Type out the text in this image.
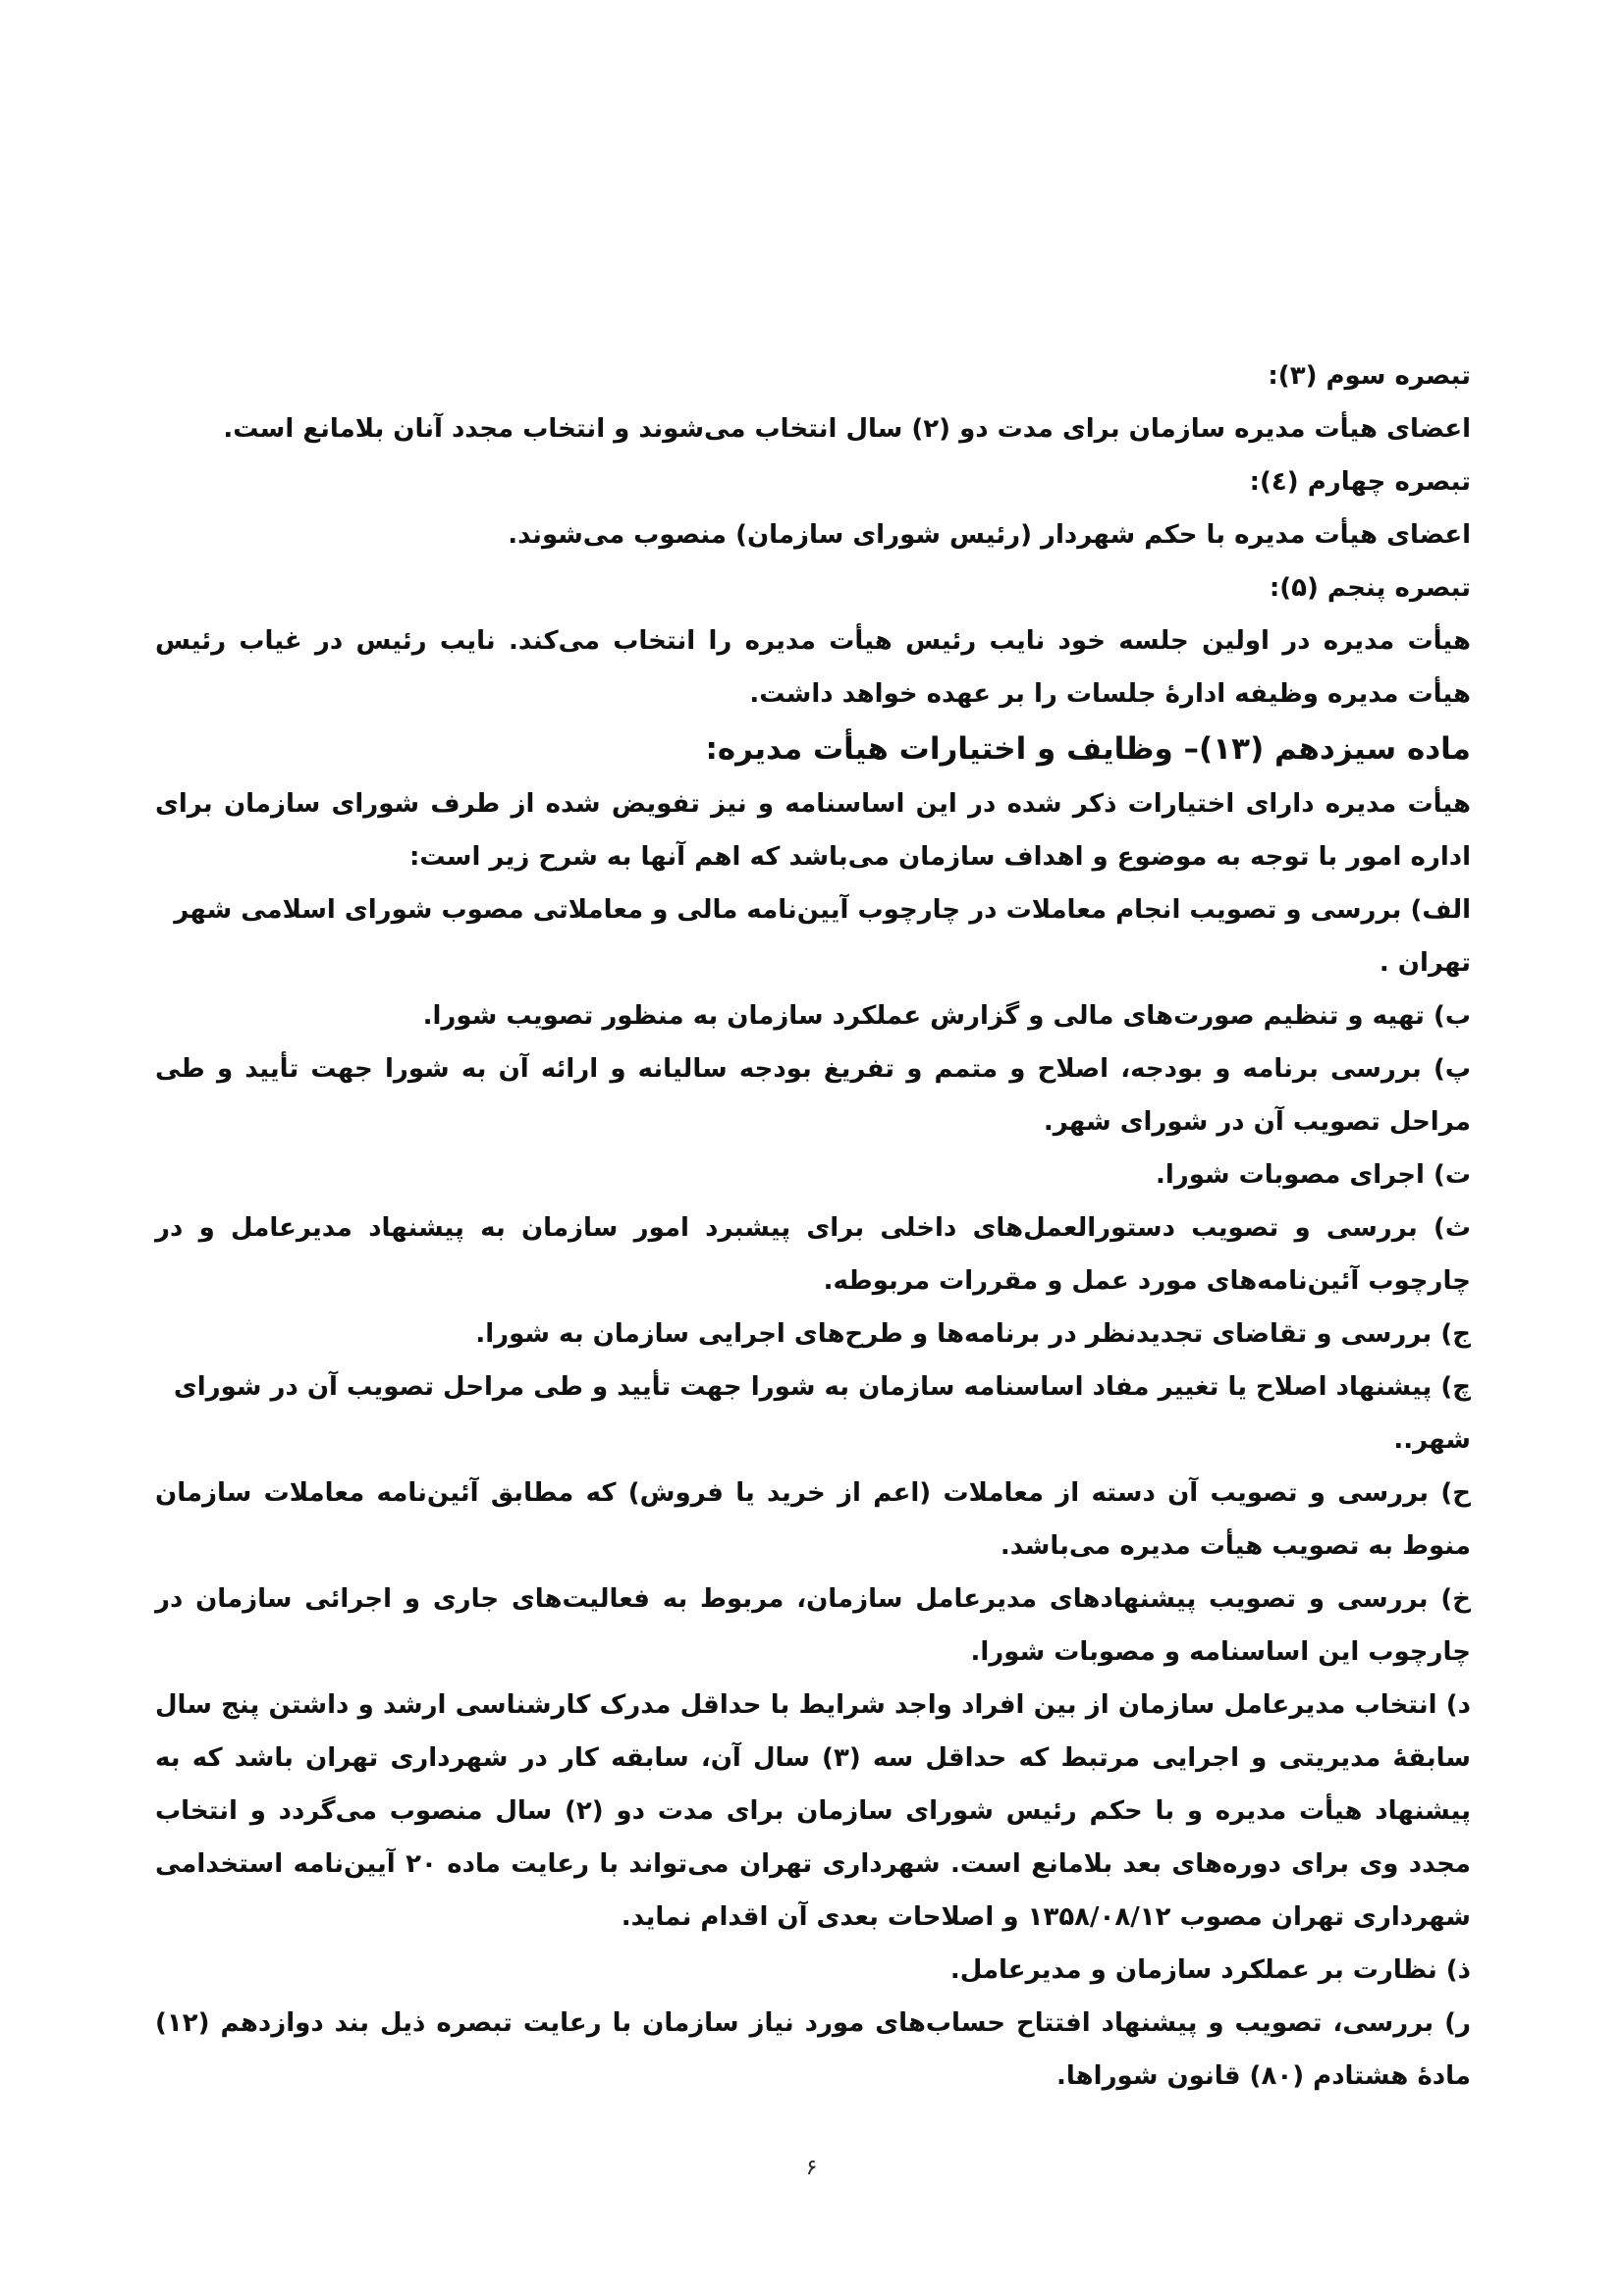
تبصره سوم (۳):

اعضای هیأت مدیره سازمان برای مدت دو (۲) سال انتخاب می‌شوند و انتخاب مجدد آنان بلامانع است.

تبصره چهارم (٤):

اعضای هیأت مدیره با حکم شهردار (رئیس شورای سازمان) منصوب می‌شوند.

تبصره پنجم (۵):

هیأت مدیره در اولین جلسه خود نایب رئیس هیأت مدیره را انتخاب می‌کند. نایب رئیس در غیاب رئیس هیأت مدیره وظیفه ادارهٔ جلسات را بر عهده خواهد داشت.

ماده سیزدهم (۱۳)– وظایف و اختیارات هیأت مدیره:

هیأت مدیره دارای اختیارات ذکر شده در این اساسنامه و نیز تفویض شده از طرف شورای سازمان برای اداره امور با توجه به موضوع و اهداف سازمان می‌باشد که اهم آنها به شرح زیر است:

الف) بررسی و تصویب انجام معاملات در چارچوب آیین‌نامه مالی و معاملاتی مصوب شورای اسلامی شهر تهران .

ب) تهیه و تنظیم صورت‌های مالی و گزارش عملکرد سازمان به منظور تصویب شورا.

پ) بررسی برنامه و بودجه، اصلاح و متمم و تفریغ بودجه سالیانه و ارائه آن به شورا جهت تأیید و طی مراحل تصویب آن در شورای شهر.

ت) اجرای مصوبات شورا.

ث) بررسی و تصویب دستورالعمل‌های داخلی برای پیشبرد امور سازمان به پیشنهاد مدیرعامل و در چارچوب آئین‌نامه‌های مورد عمل و مقررات مربوطه.

ج) بررسی و تقاضای تجدیدنظر در برنامه‌ها و طرح‌های اجرایی سازمان به شورا.

چ) پیشنهاد اصلاح یا تغییر مفاد اساسنامه سازمان به شورا جهت تأیید و طی مراحل تصویب آن در شورای شهر..

ح) بررسی و تصویب آن دسته از معاملات (اعم از خرید یا فروش) که مطابق آئین‌نامه معاملات سازمان منوط به تصویب هیأت مدیره می‌باشد.

خ) بررسی و تصویب پیشنهادهای مدیرعامل سازمان، مربوط به فعالیت‌های جاری و اجرائی سازمان در چارچوب این اساسنامه و مصوبات شورا.

د) انتخاب مدیرعامل سازمان از بین افراد واجد شرایط با حداقل مدرک کارشناسی ارشد و داشتن پنج سال سابقهٔ مدیریتی و اجرایی مرتبط که حداقل سه (۳) سال آن، سابقه کار در شهرداری تهران باشد که به پیشنهاد هیأت مدیره و با حکم رئیس شورای سازمان برای مدت دو (۲) سال منصوب می‌گردد و انتخاب مجدد وی برای دوره‌های بعد بلامانع است. شهرداری تهران می‌تواند با رعایت ماده ۲۰ آیین‌نامه استخدامی شهرداری تهران مصوب ۱۳۵۸/۰۸/۱۲ و اصلاحات بعدی آن اقدام نماید.

ذ) نظارت بر عملکرد سازمان و مدیرعامل.

ر) بررسی، تصویب و پیشنهاد افتتاح حساب‌های مورد نیاز سازمان با رعایت تبصره ذیل بند دوازدهم (۱۲) مادهٔ هشتادم (۸۰) قانون شوراها.

۶
